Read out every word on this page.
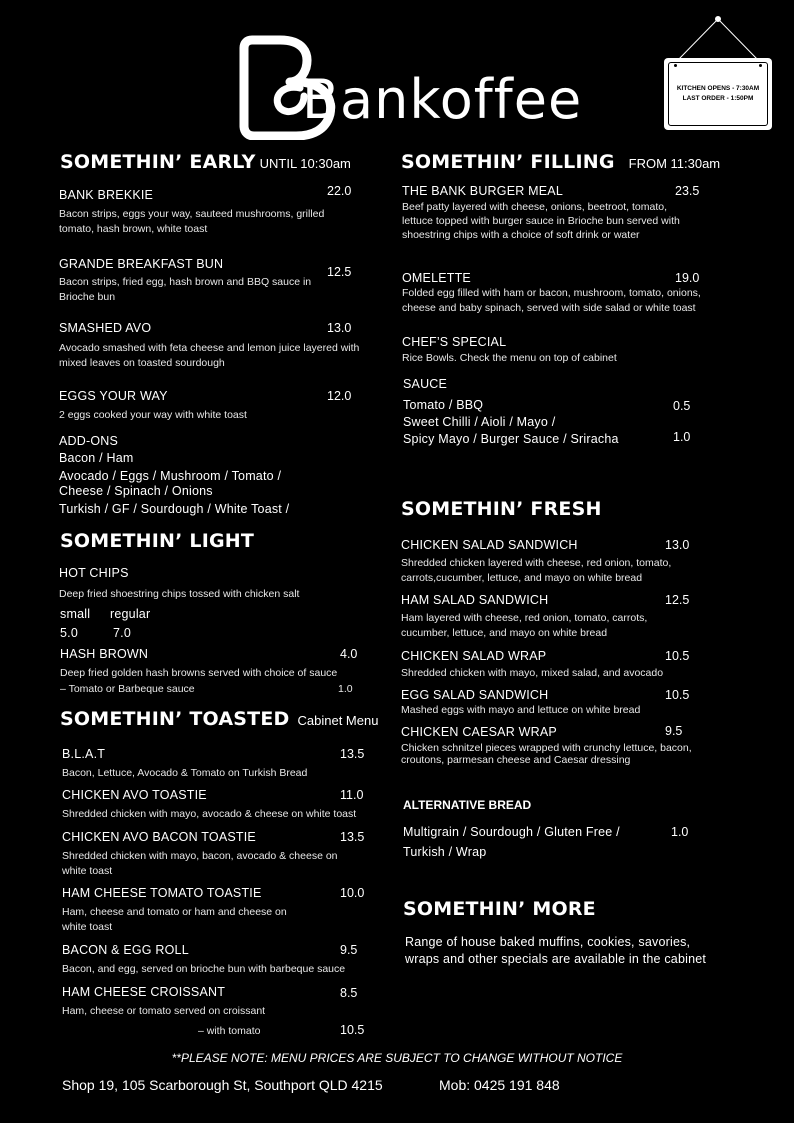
Bankoffee	KITCHEN OPENS - 7:30AM
LAST ORDER - 1:50PM
SOMETHIN’ EARLY UNTIL 10:30am
BANK BREKKIE	22.0
Bacon strips, eggs your way, sauteed mushrooms, grilled tomato, hash brown, white toast
GRANDE BREAKFAST BUN
12.5
Bacon strips, fried egg, hash brown and BBQ sauce in Brioche bun
SMASHED AVO	13.0
Avocado smashed with feta cheese and lemon juice layered with mixed leaves on toasted sourdough
EGGS YOUR WAY	12.0
2 eggs cooked your way with white toast
ADD-ONS
Bacon / Ham
Avocado / Eggs / Mushroom / Tomato /
Cheese / Spinach / Onions
Turkish / GF / Sourdough / White Toast /
SOMETHIN’ LIGHT
HOT CHIPS
Deep fried shoestring chips tossed with chicken salt
small regular
5.0	7.0
HASH BROWN	4.0
Deep fried golden hash browns served with choice of sauce
– Tomato or Barbeque sauce	1.0
SOMETHIN’ TOASTED Cabinet Menu
B.L.A.T	13.5
Bacon, Lettuce, Avocado & Tomato on Turkish Bread
CHICKEN AVO TOASTIE	11.0
Shredded chicken with mayo, avocado & cheese on white toast
CHICKEN AVO BACON TOASTIE	13.5
Shredded chicken with mayo, bacon, avocado & cheese on white toast
HAM CHEESE TOMATO TOASTIE	10.0
Ham, cheese and tomato or ham and cheese on white toast
BACON & EGG ROLL	9.5
Bacon, and egg, served on brioche bun with barbeque sauce
HAM CHEESE CROISSANT	8.5
Ham, cheese or tomato served on croissant
– with tomato	10.5
SOMETHIN’ FILLING FROM 11:30am
THE BANK BURGER MEAL	23.5
Beef patty layered with cheese, onions, beetroot, tomato, lettuce topped with burger sauce in Brioche bun served with shoestring chips with a choice of soft drink or water
OMELETTE	19.0
Folded egg filled with ham or bacon, mushroom, tomato, onions, cheese and baby spinach, served with side salad or white toast
CHEF’S SPECIAL
Rice Bowls. Check the menu on top of cabinet
SAUCE
Tomato / BBQ	0.5
Sweet Chilli / Aioli / Mayo /
Spicy Mayo / Burger Sauce / Sriracha	1.0
SOMETHIN’ FRESH
CHICKEN SALAD SANDWICH	13.0
Shredded chicken layered with cheese, red onion, tomato, carrots,cucumber, lettuce, and mayo on white bread
HAM SALAD SANDWICH	12.5
Ham layered with cheese, red onion, tomato, carrots, cucumber, lettuce, and mayo on white bread
CHICKEN SALAD WRAP	10.5
Shredded chicken with mayo, mixed salad, and avocado
EGG SALAD SANDWICH	10.5
Mashed eggs with mayo and lettuce on white bread
CHICKEN CAESAR WRAP	9.5
Chicken schnitzel pieces wrapped with crunchy lettuce, bacon, croutons, parmesan cheese and Caesar dressing
ALTERNATIVE BREAD
Multigrain / Sourdough / Gluten Free /	1.0
Turkish / Wrap
SOMETHIN’ MORE
Range of house baked muffins, cookies, savories, wraps and other specials are available in the cabinet
**PLEASE NOTE: MENU PRICES ARE SUBJECT TO CHANGE WITHOUT NOTICE
Shop 19, 105 Scarborough St, Southport QLD 4215	Mob: 0425 191 848
